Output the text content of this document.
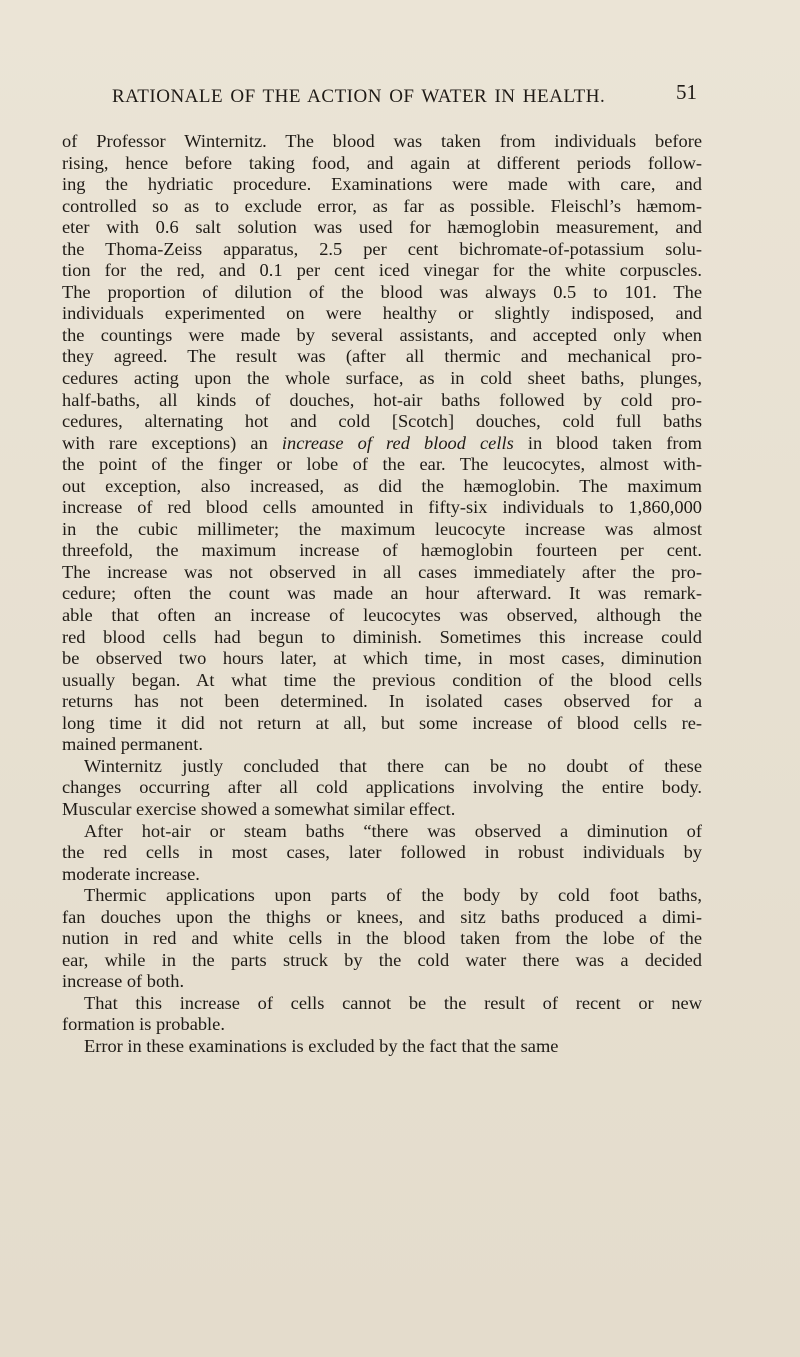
RATIONALE OF THE ACTION OF WATER IN HEALTH.	51
of Professor Winternitz. The blood was taken from individuals before
rising, hence before taking food, and again at different periods follow-
ing the hydriatic procedure. Examinations were made with care, and
controlled so as to exclude error, as far as possible. Fleischl’s hæmom-
eter with 0.6 salt solution was used for hæmoglobin measurement, and
the Thoma-Zeiss apparatus, 2.5 per cent bichromate-of-potassium solu-
tion for the red, and 0.1 per cent iced vinegar for the white corpuscles.
The proportion of dilution of the blood was always 0.5 to 101. The
individuals experimented on were healthy or slightly indisposed, and
the countings were made by several assistants, and accepted only when
they agreed. The result was (after all thermic and mechanical pro-
cedures acting upon the whole surface, as in cold sheet baths, plunges,
half-baths, all kinds of douches, hot-air baths followed by cold pro-
cedures, alternating hot and cold [Scotch] douches, cold full baths
with rare exceptions) an increase of red blood cells in blood taken from
the point of the finger or lobe of the ear. The leucocytes, almost with-
out exception, also increased, as did the hæmoglobin. The maximum
increase of red blood cells amounted in fifty-six individuals to 1,860,000
in the cubic millimeter; the maximum leucocyte increase was almost
threefold, the maximum increase of hæmoglobin fourteen per cent.
The increase was not observed in all cases immediately after the pro-
cedure; often the count was made an hour afterward. It was remark-
able that often an increase of leucocytes was observed, although the
red blood cells had begun to diminish. Sometimes this increase could
be observed two hours later, at which time, in most cases, diminution
usually began. At what time the previous condition of the blood cells
returns has not been determined. In isolated cases observed for a
long time it did not return at all, but some increase of blood cells re-
mained permanent.
Winternitz justly concluded that there can be no doubt of these
changes occurring after all cold applications involving the entire body.
Muscular exercise showed a somewhat similar effect.
After hot-air or steam baths “there was observed a diminution of
the red cells in most cases, later followed in robust individuals by
moderate increase.
Thermic applications upon parts of the body by cold foot baths,
fan douches upon the thighs or knees, and sitz baths produced a dimi-
nution in red and white cells in the blood taken from the lobe of the
ear, while in the parts struck by the cold water there was a decided
increase of both.
That this increase of cells cannot be the result of recent or new
formation is probable.
Error in these examinations is excluded by the fact that the same
